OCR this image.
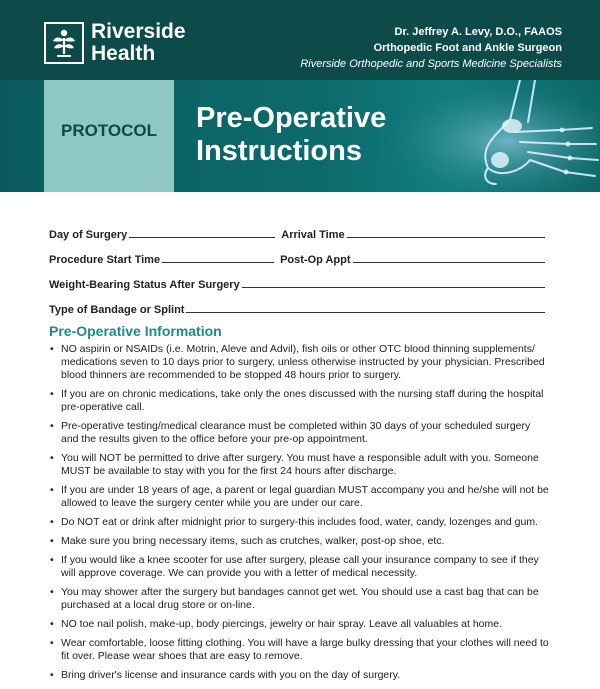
Riverside
Health
Dr. Jeffrey A. Levy, D.O., FAAOS
Orthopedic Foot and Ankle Surgeon
Riverside Orthopedic and Sports Medicine Specialists
PROTOCOL	Pre-Operative
Instructions
Day of Surgery	Arrival Time
Procedure Start Time	Post-Op Appt
Weight-Bearing Status After Surgery
Type of Bandage or Splint
Pre-Operative Information
• NO aspirin or NSAIDs (i.e. Motrin, Aleve and Advil), fish oils or other OTC blood thinning supplements/ medications seven to 10 days prior to surgery, unless otherwise instructed by your physician. Prescribed blood thinners are recommended to be stopped 48 hours prior to surgery.
• If you are on chronic medications, take only the ones discussed with the nursing staff during the hospital pre-operative call.
• Pre-operative testing/medical clearance must be completed within 30 days of your scheduled surgery and the results given to the office before your pre-op appointment.
• You will NOT be permitted to drive after surgery. You must have a responsible adult with you. Someone MUST be available to stay with you for the first 24 hours after discharge.
• If you are under 18 years of age, a parent or legal guardian MUST accompany you and he/she will not be allowed to leave the surgery center while you are under our care.
• Do NOT eat or drink after midnight prior to surgery-this includes food, water, candy, lozenges and gum.
• Make sure you bring necessary items, such as crutches, walker, post-op shoe, etc.
• If you would like a knee scooter for use after surgery, please call your insurance company to see if they will approve coverage. We can provide you with a letter of medical necessity.
• You may shower after the surgery but bandages cannot get wet. You should use a cast bag that can be purchased at a local drug store or on-line.
• NO toe nail polish, make-up, body piercings, jewelry or hair spray. Leave all valuables at home.
• Wear comfortable, loose fitting clothing. You will have a large bulky dressing that your clothes will need to fit over. Please wear shoes that are easy to remove.
• Bring driver's license and insurance cards with you on the day of surgery.
